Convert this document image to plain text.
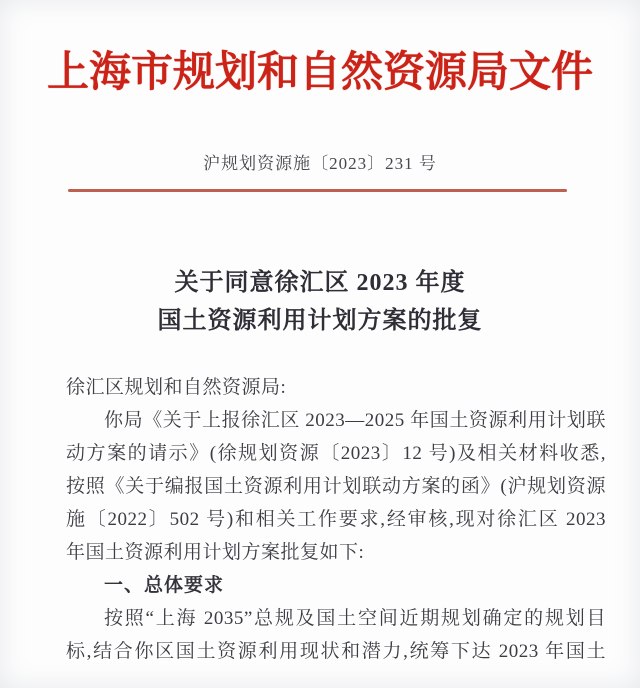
上海市规划和自然资源局文件
沪规划资源施〔2023〕231 号
关于同意徐汇区 2023 年度
国土资源利用计划方案的批复
徐汇区规划和自然资源局:
你局《关于上报徐汇区 2023—2025 年国土资源利用计划联
动方案的请示》(徐规划资源〔2023〕12 号)及相关材料收悉,
按照《关于编报国土资源利用计划联动方案的函》(沪规划资源
施〔2022〕502 号)和相关工作要求,经审核,现对徐汇区 2023
年国土资源利用计划方案批复如下:
一、总体要求
按照“上海 2035”总规及国土空间近期规划确定的规划目
标,结合你区国土资源利用现状和潜力,统筹下达 2023 年国土
